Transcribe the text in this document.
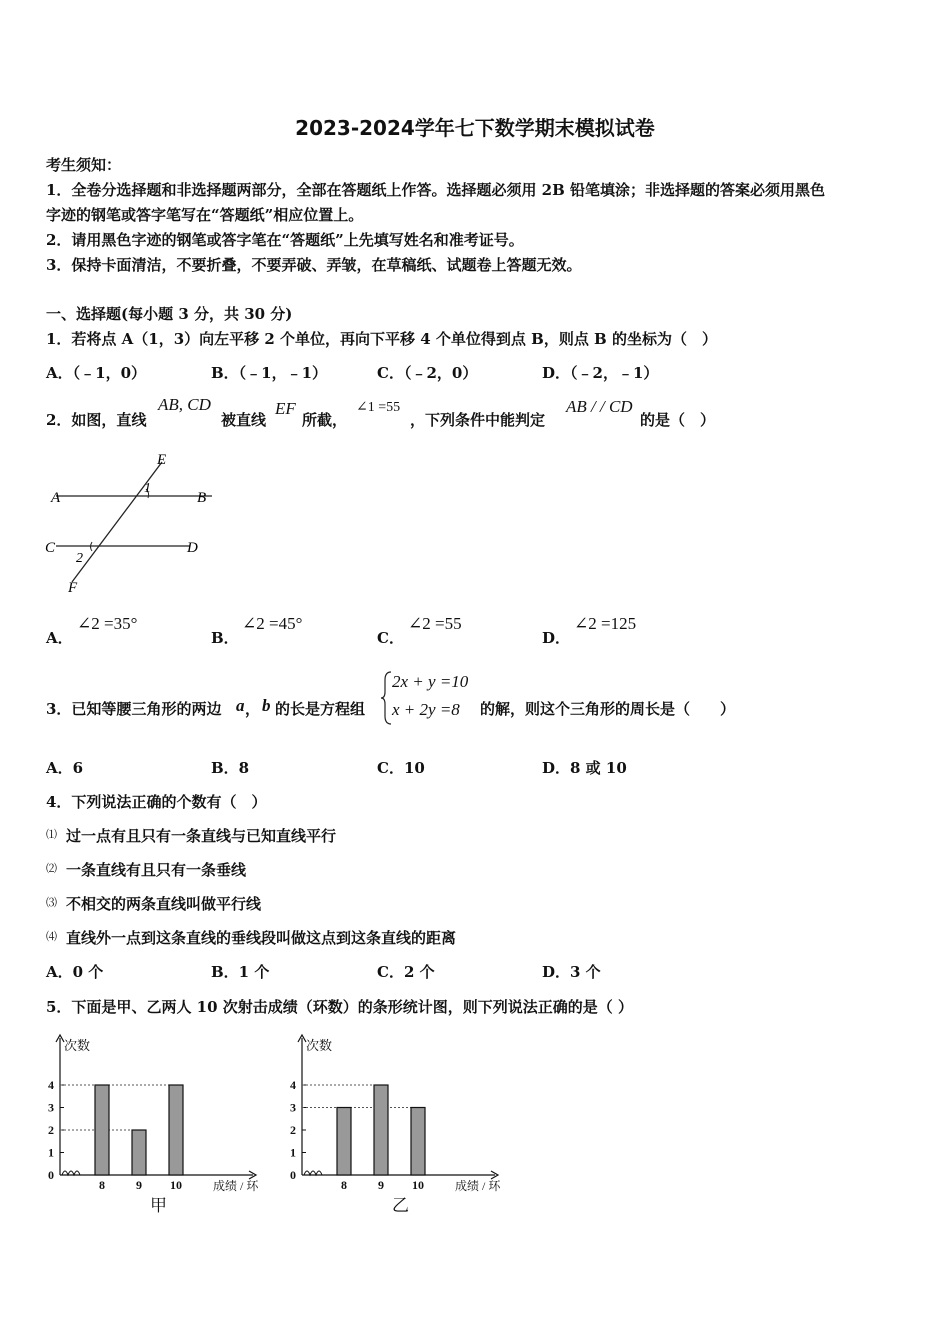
2023-2024学年七下数学期末模拟试卷
考生须知：
1．全卷分选择题和非选择题两部分，全部在答题纸上作答。选择题必须用 2B 铅笔填涂；非选择题的答案必须用黑色
字迹的钢笔或答字笔写在“答题纸”相应位置上。
2．请用黑色字迹的钢笔或答字笔在“答题纸”上先填写姓名和准考证号。
3．保持卡面清洁，不要折叠，不要弄破、弄皱，在草稿纸、试题卷上答题无效。
一、选择题(每小题 3 分，共 30 分)
1．若将点 A（1，3）向左平移 2 个单位，再向下平移 4 个单位得到点 B，则点 B 的坐标为（　）
A．（﹣1，0）	B．（﹣1，﹣1）	C．（﹣2，0）	D．（﹣2，﹣1）
2．如图，直线
AB, CD
被直线
EF
所截，
∠1 =55
，下列条件中能判定
AB / / CD
的是（　）
E
A	B
1
C	D
2
F
A．
∠2 =35°
B．
∠2 =45°
C．
∠2 =55
D．
∠2 =125
3．已知等腰三角形的两边 a ， b 的长是方程组
2x + y =10
x + 2y =8 的解，则这个三角形的周长是（　　）
A．6	B．8	C．10	D．8 或 10
4．下列说法正确的个数有（　）
⑴ 过一点有且只有一条直线与已知直线平行
⑵ 一条直线有且只有一条垂线
⑶ 不相交的两条直线叫做平行线
⑷ 直线外一点到这条直线的垂线段叫做这点到这条直线的距离
A．0 个	B．1 个	C．2 个	D．3 个
5．下面是甲、乙两人 10 次射击成绩（环数）的条形统计图，则下列说法正确的是（ ）
次数
成绩 / 环
甲
0
1
2
3
4
8	9 10
次数
成绩 / 环
乙
0
1
2
3
4
8	9 10
